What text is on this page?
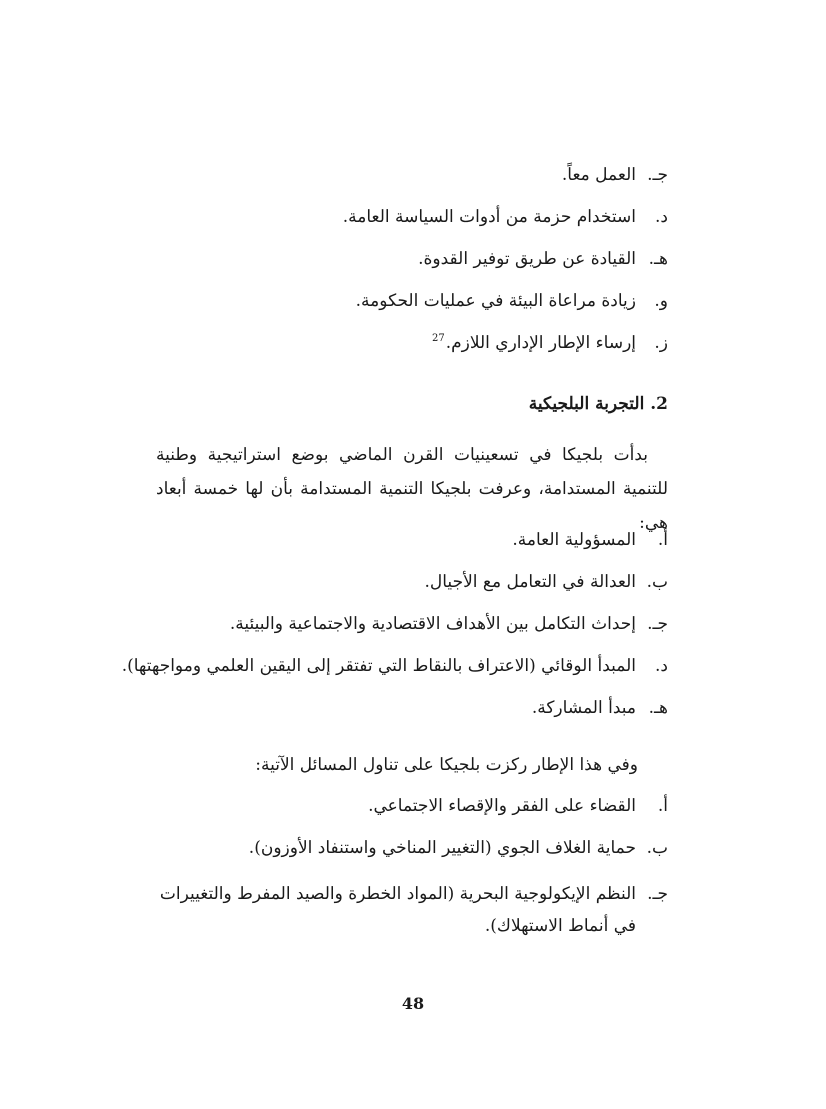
جـ.
العمل معاً.
د.
استخدام حزمة من أدوات السياسة العامة.
هـ.
القيادة عن طريق توفير القدوة.
و.
زيادة مراعاة البيئة في عمليات الحكومة.
ز.
إرساء الإطار الإداري اللازم.$^{27}$
2. التجربة البلجيكية

بدأت بلجيكا في تسعينيات القرن الماضي بوضع استراتيجية وطنية للتنمية المستدامة، وعرفت بلجيكا التنمية المستدامة بأن لها خمسة أبعاد هي:

أ.
المسؤولية العامة.
ب.
العدالة في التعامل مع الأجيال.
جـ.
إحداث التكامل بين الأهداف الاقتصادية والاجتماعية والبيئية.
د.
المبدأ الوقائي (الاعتراف بالنقاط التي تفتقر إلى اليقين العلمي ومواجهتها).
هـ.
مبدأ المشاركة.

وفي هذا الإطار ركزت بلجيكا على تناول المسائل الآتية:

أ.
القضاء على الفقر والإقصاء الاجتماعي.
ب.
حماية الغلاف الجوي (التغيير المناخي واستنفاد الأوزون).
جـ.
النظم الإيكولوجية البحرية (المواد الخطرة والصيد المفرط والتغييرات في أنماط الاستهلاك).

48
